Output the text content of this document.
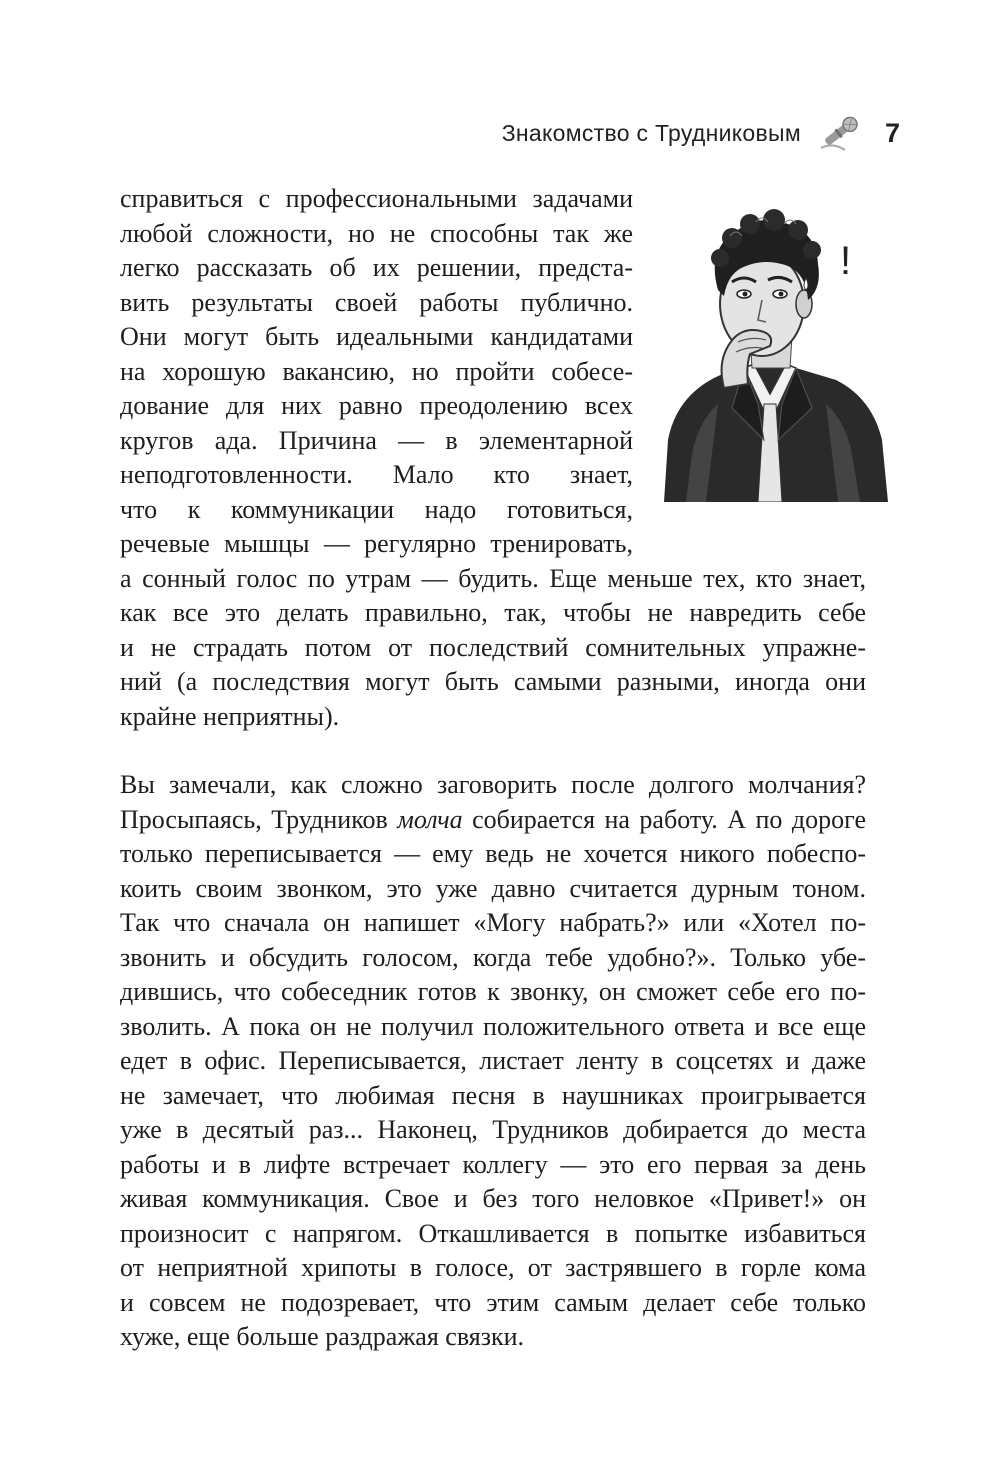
Знакомство с Трудниковым	7
!
справиться с профессиональными задачами
любой сложности, но не способны так же
легко рассказать об их решении, предста-
вить результаты своей работы публично.
Они могут быть идеальными кандидатами
на хорошую вакансию, но пройти собесе-
дование для них равно преодолению всех
кругов ада. Причина — в элементарной
неподготовленности. Мало кто знает,
что к коммуникации надо готовиться,
речевые мышцы — регулярно тренировать,
а сонный голос по утрам — будить. Еще меньше тех, кто знает,
как все это делать правильно, так, чтобы не навредить себе
и не страдать потом от последствий сомнительных упражне-
ний (а последствия могут быть самыми разными, иногда они
крайне неприятны).
Вы замечали, как сложно заговорить после долгого молчания?
Просыпаясь, Трудников молча собирается на работу. А по дороге
только переписывается — ему ведь не хочется никого побеспо-
коить своим звонком, это уже давно считается дурным тоном.
Так что сначала он напишет «Могу набрать?» или «Хотел по-
звонить и обсудить голосом, когда тебе удобно?». Только убе-
дившись, что собеседник готов к звонку, он сможет себе его по-
зволить. А пока он не получил положительного ответа и все еще
едет в офис. Переписывается, листает ленту в соцсетях и даже
не замечает, что любимая песня в наушниках проигрывается
уже в десятый раз... Наконец, Трудников добирается до места
работы и в лифте встречает коллегу — это его первая за день
живая коммуникация. Свое и без того неловкое «Привет!» он
произносит с напрягом. Откашливается в попытке избавиться
от неприятной хрипоты в голосе, от застрявшего в горле кома
и совсем не подозревает, что этим самым делает себе только
хуже, еще больше раздражая связки.
